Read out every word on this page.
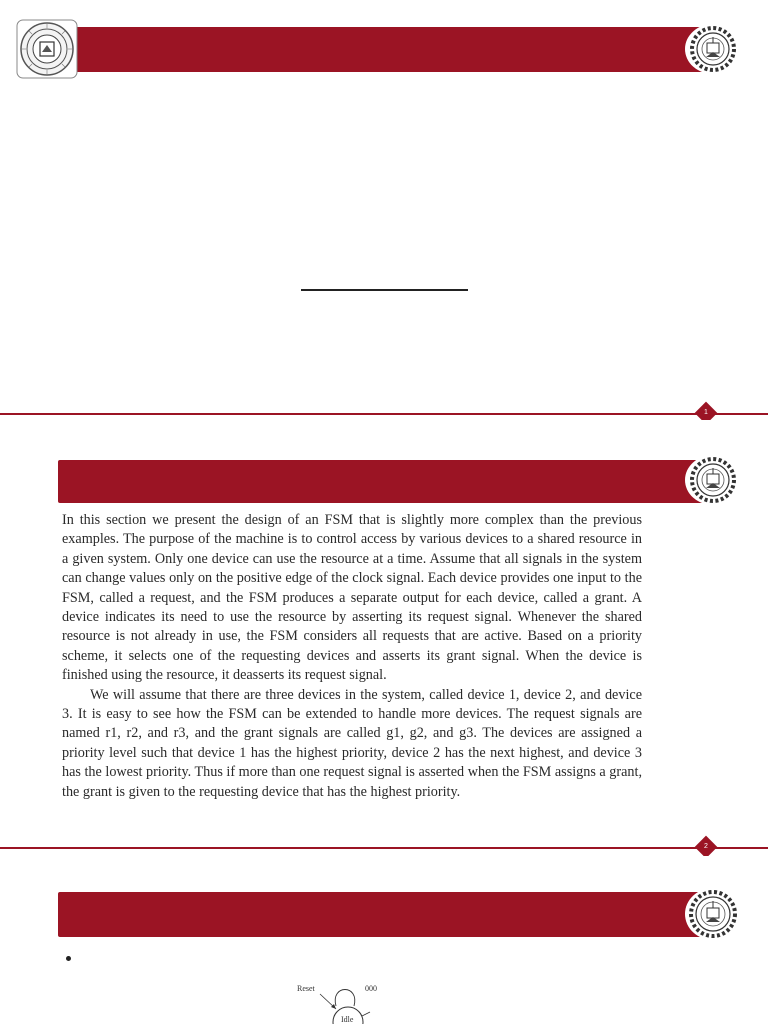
1

In this section we present the design of an FSM that is slightly more complex than the previous examples. The purpose of the machine is to control access by various devices to a shared resource in a given system. Only one device can use the resource at a time. Assume that all signals in the system can change values only on the positive edge of the clock signal. Each device provides one input to the FSM, called a request, and the FSM produces a separate output for each device, called a grant. A device indicates its need to use the resource by asserting its request signal. Whenever the shared resource is not already in use, the FSM considers all requests that are active. Based on a priority scheme, it selects one of the requesting devices and asserts its grant signal. When the device is finished using the resource, it deasserts its request signal.

We will assume that there are three devices in the system, called device 1, device 2, and device 3. It is easy to see how the FSM can be extended to handle more devices. The request signals are named r1, r2, and r3, and the grant signals are called g1, g2, and g3. The devices are assigned a priority level such that device 1 has the highest priority, device 2 has the next highest, and device 3 has the lowest priority. Thus if more than one request signal is asserted when the FSM assigns a grant, the grant is given to the requesting device that has the highest priority.

2
Reset	000
Idle
